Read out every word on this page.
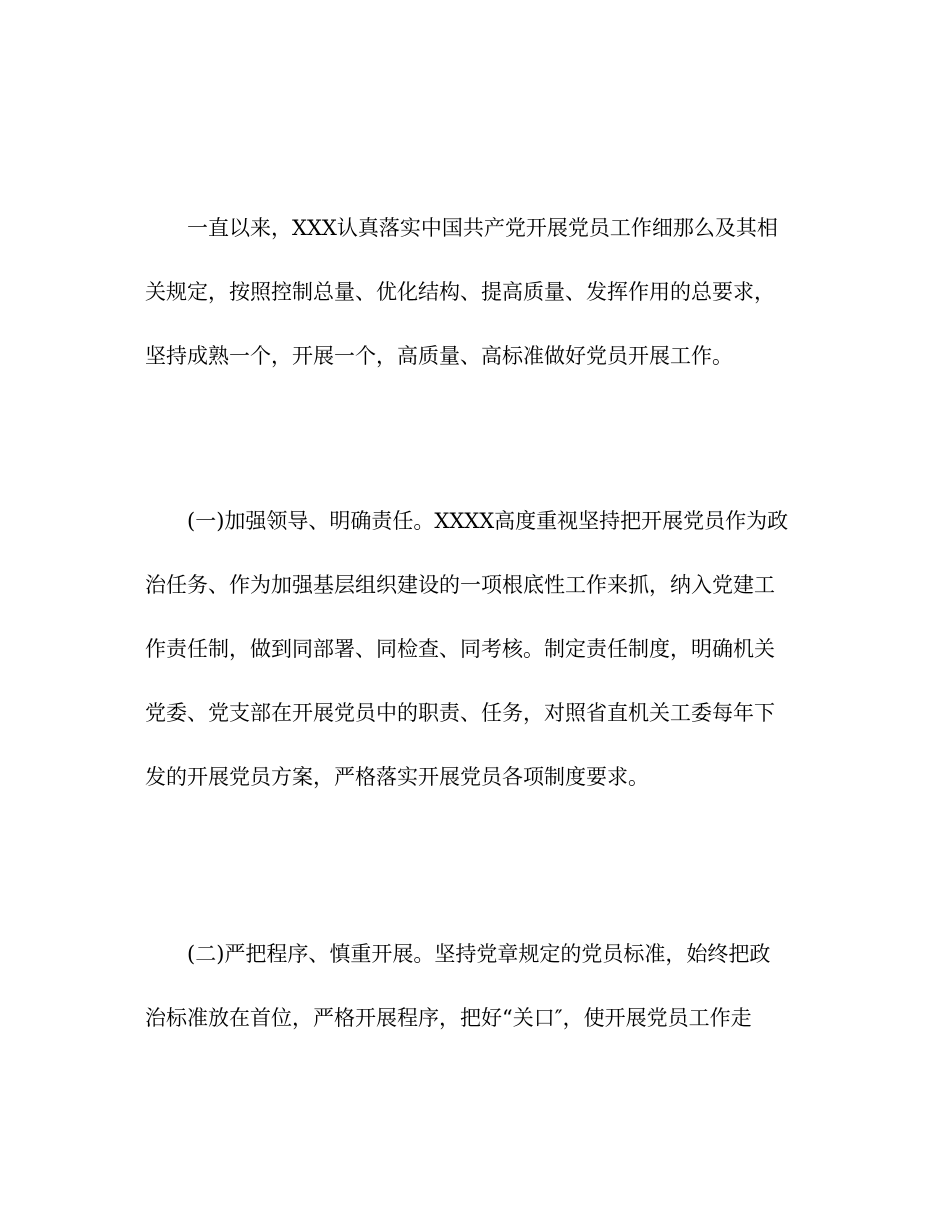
一直以来，XXX认真落实中国共产党开展党员工作细那么及其相
关规定，按照控制总量、优化结构、提高质量、发挥作用的总要求，
坚持成熟一个，开展一个，高质量、高标准做好党员开展工作。
(一)加强领导、明确责任。XXXX高度重视坚持把开展党员作为政
治任务、作为加强基层组织建设的一项根底性工作来抓，纳入党建工
作责任制，做到同部署、同检查、同考核。制定责任制度，明确机关
党委、党支部在开展党员中的职责、任务，对照省直机关工委每年下
发的开展党员方案，严格落实开展党员各项制度要求。
(二)严把程序、慎重开展。坚持党章规定的党员标准，始终把政
治标准放在首位，严格开展程序，把好“关口″，使开展党员工作走
